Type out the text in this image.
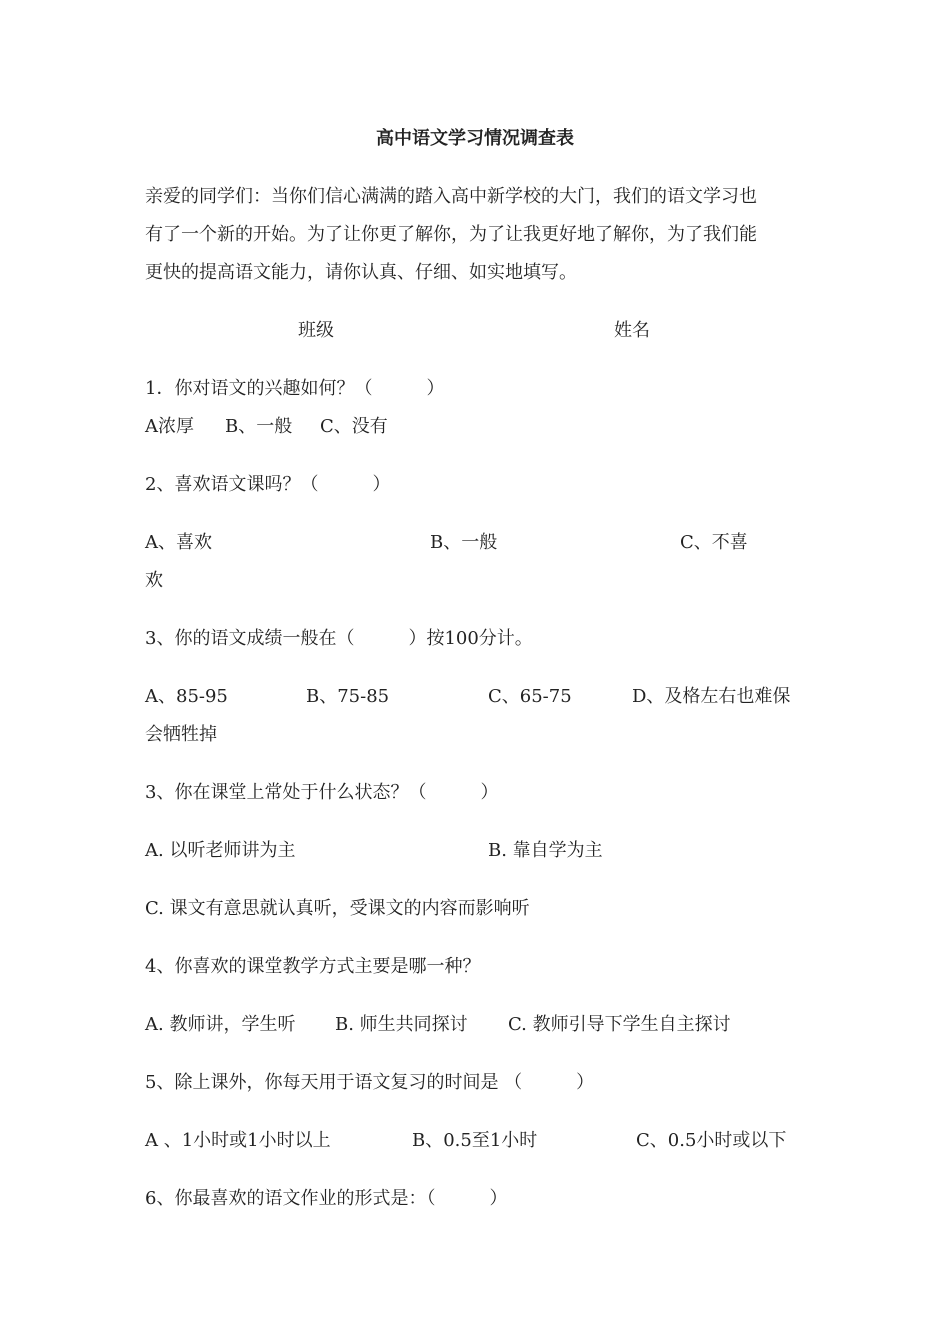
高中语文学习情况调查表
亲爱的同学们：当你们信心满满的踏入高中新学校的大门，我们的语文学习也
有了一个新的开始。为了让你更了解你，为了让我更好地了解你，为了我们能
更快的提高语文能力，请你认真、仔细、如实地填写。
班级	姓名
1．你对语文的兴趣如何？（　　　）
A浓厚 B、一般 C、没有
2、喜欢语文课吗？（　　　）
A、喜欢	B、一般	C、不喜
欢
3、你的语文成绩一般在（　　　）按100分计。
A、85-95	B、75-85	C、65-75	D、及格左右也难保
会牺牲掉
3、你在课堂上常处于什么状态？（　　　）
A. 以听老师讲为主	B. 靠自学为主
C. 课文有意思就认真听，受课文的内容而影响听
4、你喜欢的课堂教学方式主要是哪一种？
A. 教师讲，学生听 B. 师生共同探讨 C. 教师引导下学生自主探讨
5、除上课外，你每天用于语文复习的时间是 （　　　）
A 、1小时或1小时以上	B、0.5至1小时	C、0.5小时或以下
6、你最喜欢的语文作业的形式是：（　　　）
